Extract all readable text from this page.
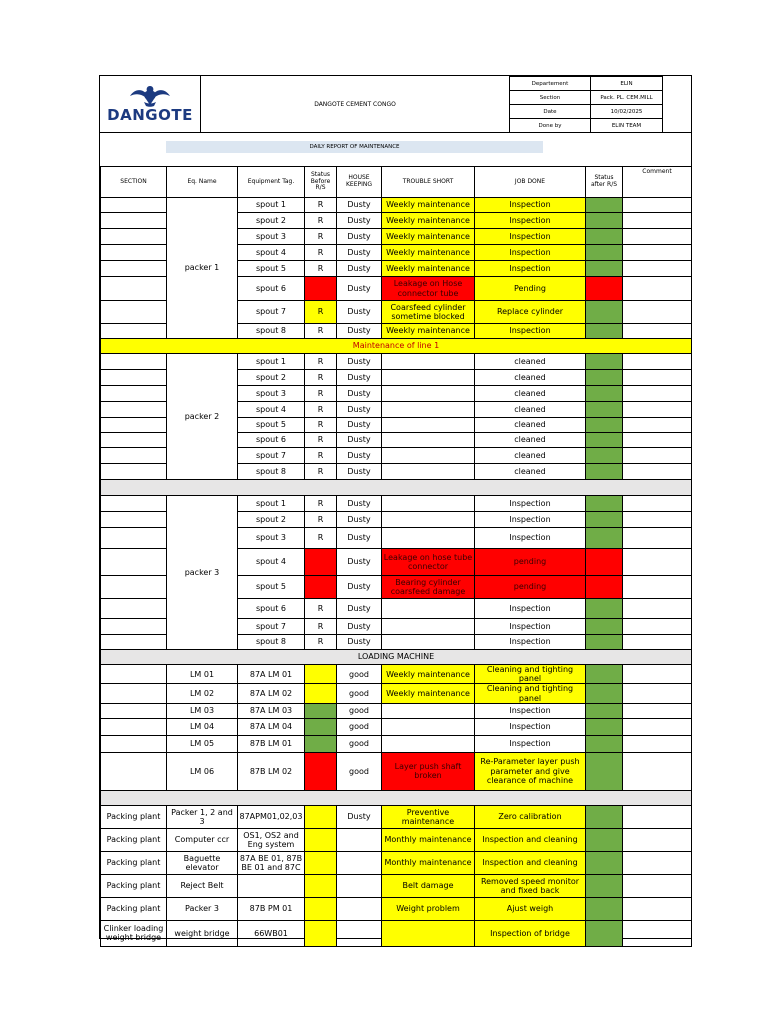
DANGOTE
DANGOTE CEMENT CONGO
Departement	ELIN
Section	Pack. PL. CEM.MILL
Date	10/02/2025
Done by	ELIN TEAM
DAILY REPORT OF MAINTENANCE
SECTION	Eq. Name	Equipment Tag.	Status Before R/S	HOUSE KEEPING	TROUBLE SHORT	JOB DONE	Status after R/S	Comment
	packer 1	spout 1	R	Dusty	Weekly maintenance	Inspection		
		spout 2	R	Dusty	Weekly maintenance	Inspection		
		spout 3	R	Dusty	Weekly maintenance	Inspection		
		spout 4	R	Dusty	Weekly maintenance	Inspection		
		spout 5	R	Dusty	Weekly maintenance	Inspection		
		spout 6		Dusty	Leakage on Hose connector tube	Pending		
		spout 7	R	Dusty	Coarsfeed cylinder sometime blocked	Replace cylinder		
		spout 8	R	Dusty	Weekly maintenance	Inspection		
Maintenance of line 1								
	packer 2	spout 1	R	Dusty		cleaned		
		spout 2	R	Dusty		cleaned		
		spout 3	R	Dusty		cleaned		
		spout 4	R	Dusty		cleaned		
		spout 5	R	Dusty		cleaned		
		spout 6	R	Dusty		cleaned		
		spout 7	R	Dusty		cleaned		
		spout 8	R	Dusty		cleaned		

	packer 3	spout 1	R	Dusty		Inspection		
		spout 2	R	Dusty		Inspection		
		spout 3	R	Dusty		Inspection		
		spout 4		Dusty	Leakage on hose tube connector	pending		
		spout 5		Dusty	Bearing cylinder coarsfeed damage	pending		
		spout 6	R	Dusty		Inspection		
		spout 7	R	Dusty		Inspection		
		spout 8	R	Dusty		Inspection		
LOADING MACHINE								
	LM 01	87A LM 01		good	Weekly maintenance	Cleaning and tighting panel		
	LM 02	87A LM 02		good	Weekly maintenance	Cleaning and tighting panel		
	LM 03	87A LM 03		good		Inspection		
	LM 04	87A LM 04		good		Inspection		
	LM 05	87B LM 01		good		Inspection		
	LM 06	87B LM 02		good	Layer push shaft broken	Re-Parameter layer push parameter and give clearance of machine		

Packing plant	Packer 1, 2 and 3	87APM01,02,03		Dusty	Preventive maintenance	Zero calibration		
Packing plant	Computer ccr	OS1, OS2 and Eng system			Monthly maintenance	Inspection and cleaning		
Packing plant	Baguette elevator	87A BE 01, 87B BE 01 and 87C			Monthly maintenance	Inspection and cleaning		
Packing plant	Reject Belt				Belt damage	Removed speed monitor and fixed back		
Packing plant	Packer 3	87B PM 01			Weight problem	Ajust weigh		
Clinker loading weight bridge	weight bridge	66WB01				Inspection of bridge		
